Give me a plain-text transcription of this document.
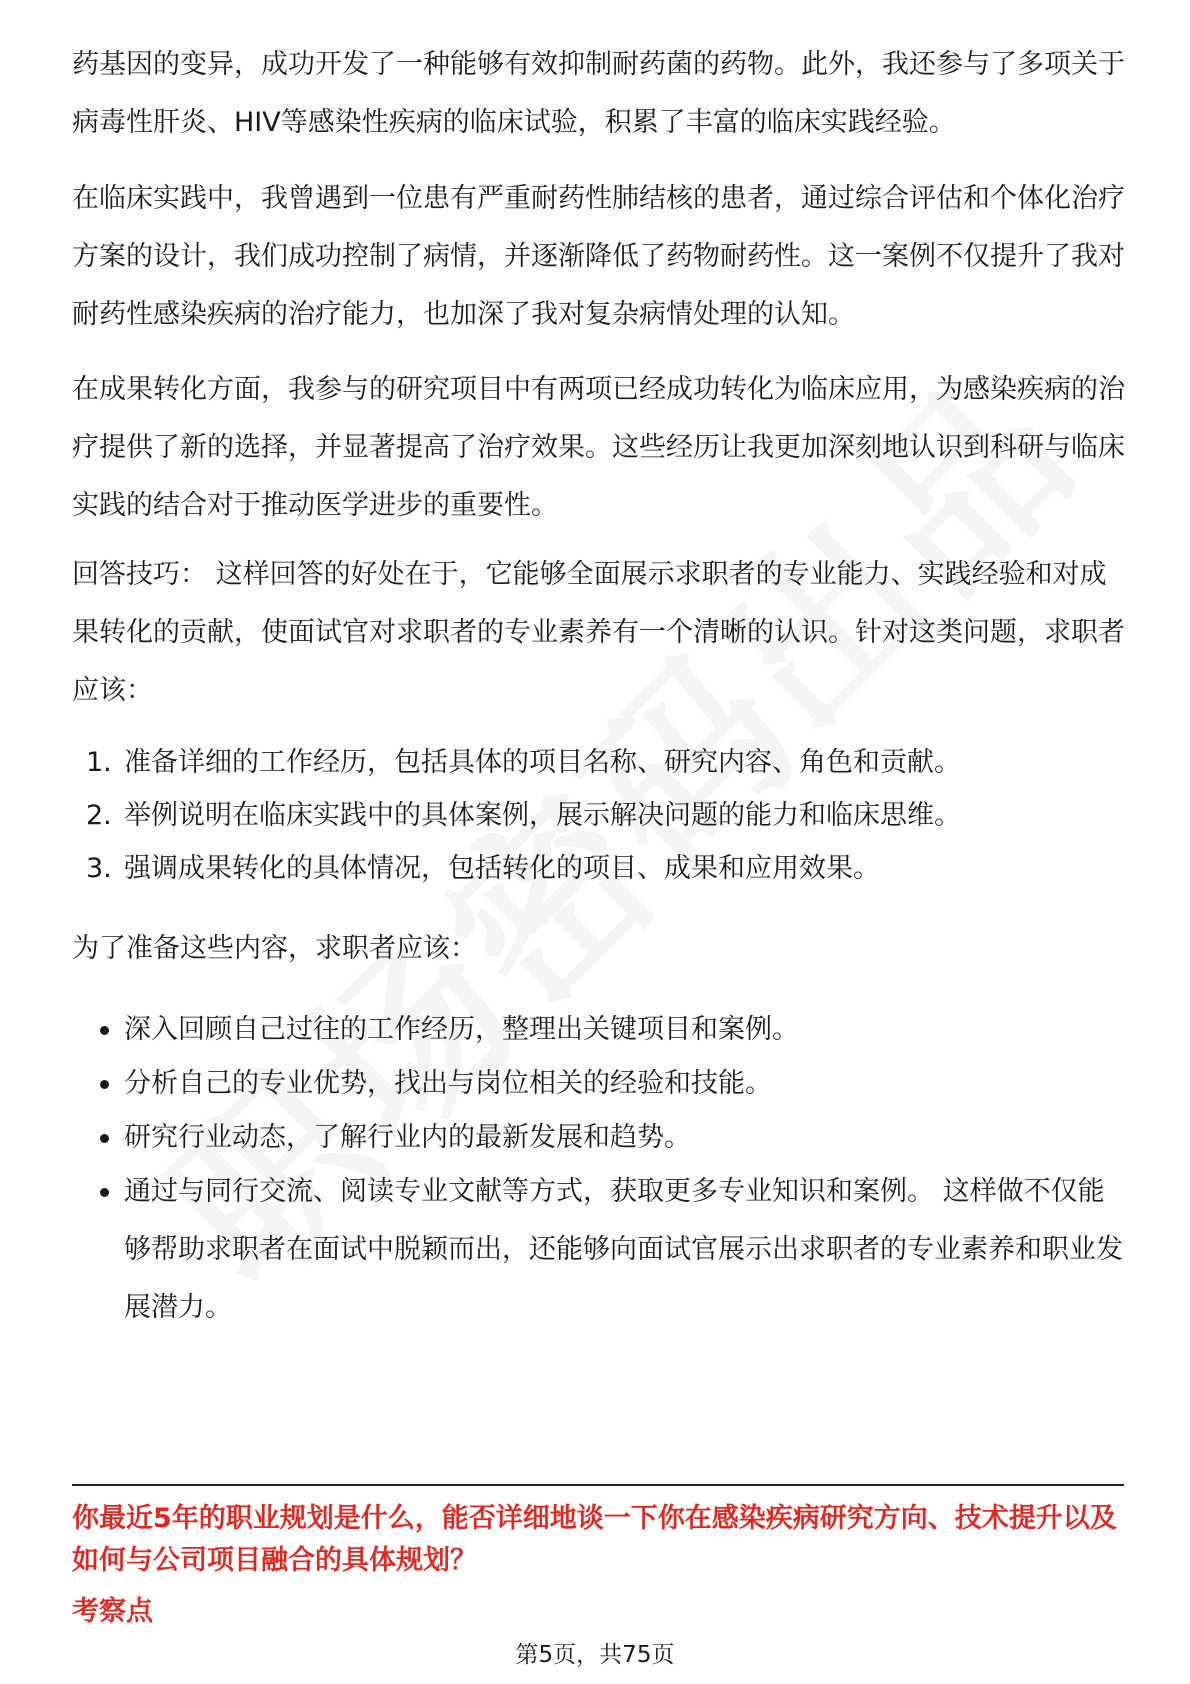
药基因的变异，成功开发了一种能够有效抑制耐药菌的药物。此外，我还参与了多项关于病毒性肝炎、HIV等感染性疾病的临床试验，积累了丰富的临床实践经验。

在临床实践中，我曾遇到一位患有严重耐药性肺结核的患者，通过综合评估和个体化治疗方案的设计，我们成功控制了病情，并逐渐降低了药物耐药性。这一案例不仅提升了我对耐药性感染疾病的治疗能力，也加深了我对复杂病情处理的认知。

在成果转化方面，我参与的研究项目中有两项已经成功转化为临床应用，为感染疾病的治疗提供了新的选择，并显著提高了治疗效果。这些经历让我更加深刻地认识到科研与临床实践的结合对于推动医学进步的重要性。

回答技巧： 这样回答的好处在于，它能够全面展示求职者的专业能力、实践经验和对成果转化的贡献，使面试官对求职者的专业素养有一个清晰的认识。针对这类问题，求职者应该：

1. 准备详细的工作经历，包括具体的项目名称、研究内容、角色和贡献。
2. 举例说明在临床实践中的具体案例，展示解决问题的能力和临床思维。
3. 强调成果转化的具体情况，包括转化的项目、成果和应用效果。

为了准备这些内容，求职者应该：

深入回顾自己过往的工作经历，整理出关键项目和案例。
分析自己的专业优势，找出与岗位相关的经验和技能。
研究行业动态，了解行业内的最新发展和趋势。
通过与同行交流、阅读专业文献等方式，获取更多专业知识和案例。 这样做不仅能够帮助求职者在面试中脱颖而出，还能够向面试官展示出求职者的专业素养和职业发展潜力。
你最近5年的职业规划是什么，能否详细地谈一下你在感染疾病研究方向、技术提升以及如何与公司项目融合的具体规划？
考察点
第5页，共75页
